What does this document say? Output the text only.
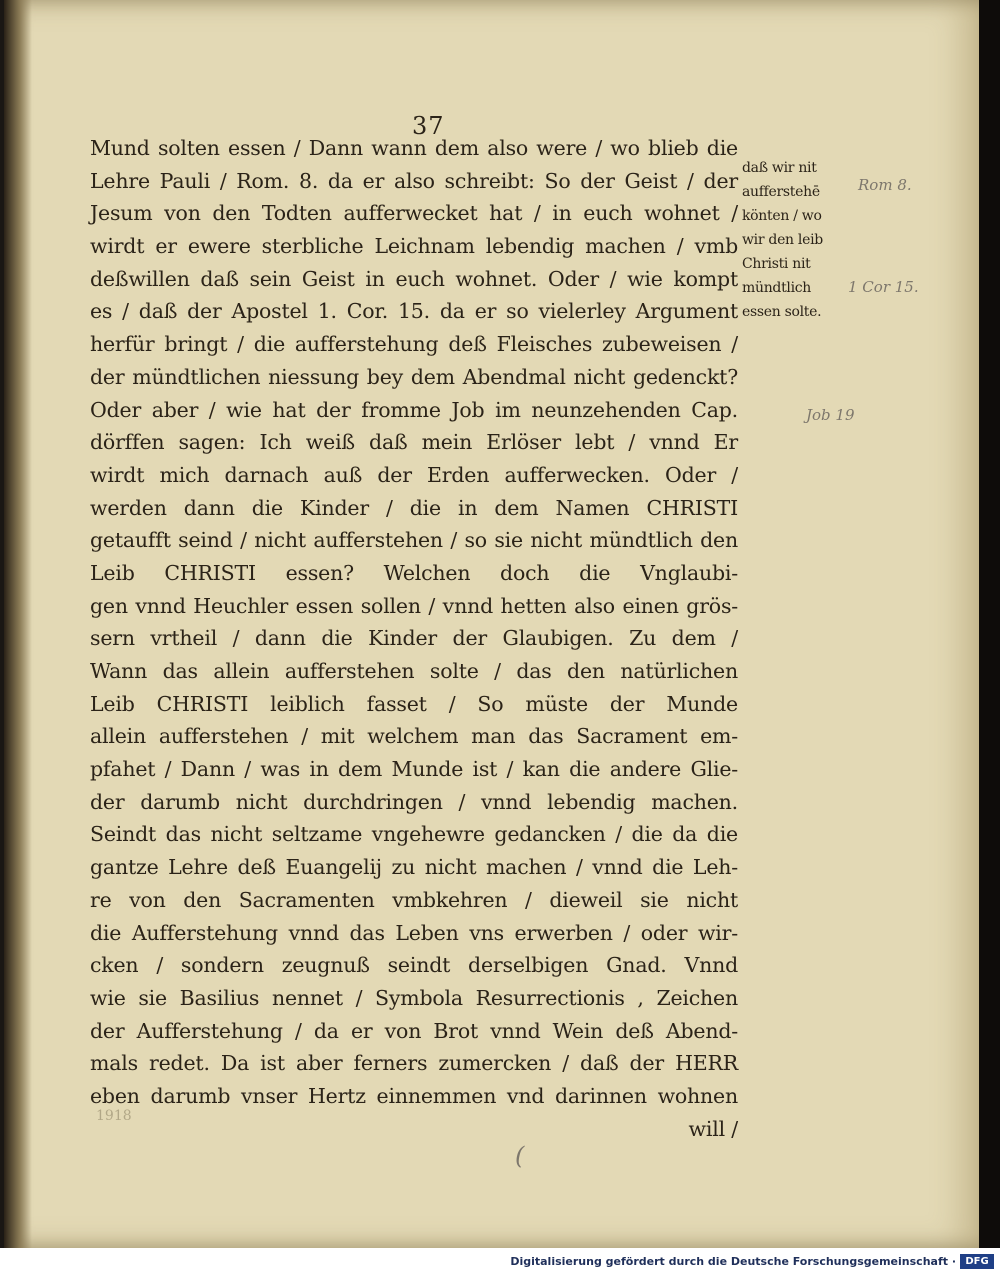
37
Mund solten essen / Dann wann dem also were / wo blieb die
Lehre Pauli / Rom. 8. da er also schreibt: So der Geist / der
Jesum von den Todten aufferwecket hat / in euch wohnet /
wirdt er ewere sterbliche Leichnam lebendig machen / vmb
deßwillen daß sein Geist in euch wohnet. Oder / wie kompt
es / daß der Apostel 1. Cor. 15. da er so vielerley Argument
herfür bringt / die aufferstehung deß Fleisches zubeweisen /
der mündtlichen niessung bey dem Abendmal nicht gedenckt?
Oder aber / wie hat der fromme Job im neunzehenden Cap.
dörffen sagen: Ich weiß daß mein Erlöser lebt / vnnd Er
wirdt mich darnach auß der Erden aufferwecken. Oder /
werden dann die Kinder / die in dem Namen CHRISTI
getaufft seind / nicht aufferstehen / so sie nicht mündtlich den
Leib CHRISTI essen? Welchen doch die Vnglaubi-
gen vnnd Heuchler essen sollen / vnnd hetten also einen grös-
sern vrtheil / dann die Kinder der Glaubigen. Zu dem /
Wann das allein aufferstehen solte / das den natürlichen
Leib CHRISTI leiblich fasset / So müste der Munde
allein aufferstehen / mit welchem man das Sacrament em-
pfahet / Dann / was in dem Munde ist / kan die andere Glie-
der darumb nicht durchdringen / vnnd lebendig machen.
Seindt das nicht seltzame vngehewre gedancken / die da die
gantze Lehre deß Euangelij zu nicht machen / vnnd die Leh-
re von den Sacramenten vmbkehren / dieweil sie nicht
die Aufferstehung vnnd das Leben vns erwerben / oder wir-
cken / sondern zeugnuß seindt derselbigen Gnad. Vnnd
wie sie Basilius nennet / Symbola Resurrectionis , Zeichen
der Aufferstehung / da er von Brot vnnd Wein deß Abend-
mals redet. Da ist aber ferners zumercken / daß der HERR
eben darumb vnser Hertz einnemmen vnd darinnen wohnen
will /
daß wir nit
aufferstehē
könten / wo
wir den leib
Christi nit
mündtlich
essen solte.
Rom 8.
1 Cor 15.
Job 19
(
1918
Digitalisierung gefördert durch die Deutsche Forschungsgemeinschaft · DFG
